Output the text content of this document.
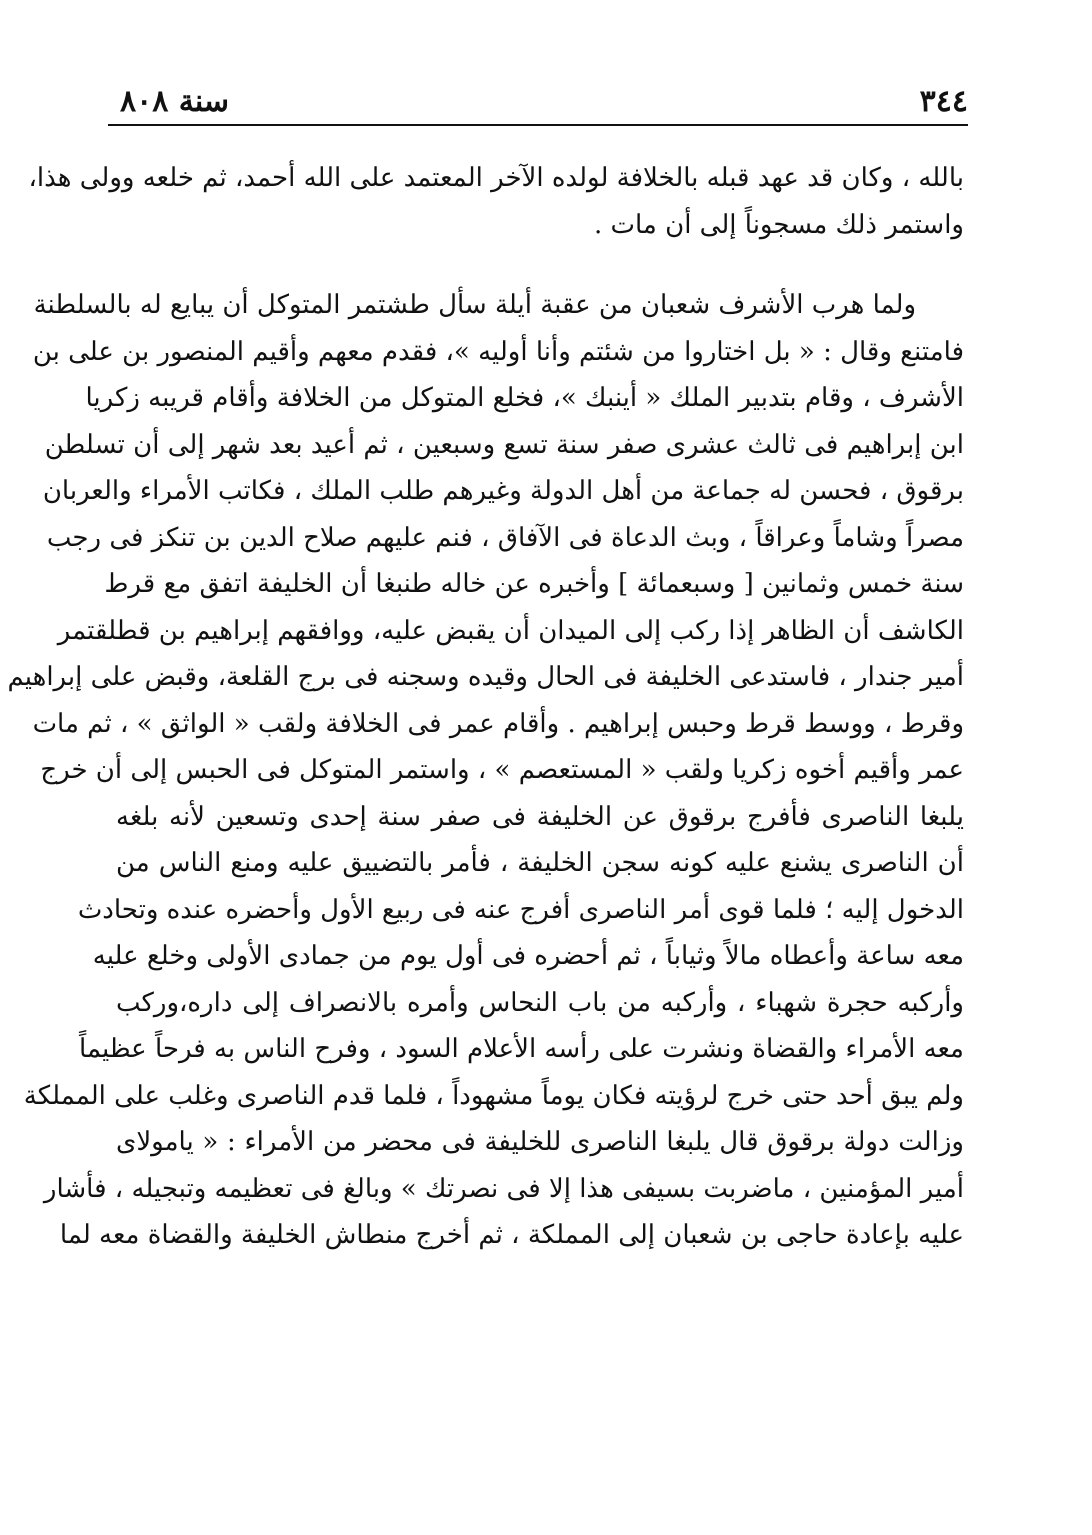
٣٤٤
سنة ٨٠٨
بالله ، وكان قد عهد قبله بالخلافة لولده الآخر المعتمد على الله أحمد، ثم خلعه وولى هذا،
واستمر ذلك مسجوناً إلى أن مات .
ولما هرب الأشرف شعبان من عقبة أيلة سأل طشتمر المتوكل أن يبايع له بالسلطنة
فامتنع وقال : « بل اختاروا من شئتم وأنا أوليه »، فقدم معهم وأقيم المنصور بن على بن
الأشرف ، وقام بتدبير الملك « أينبك »، فخلع المتوكل من الخلافة وأقام قريبه زكريا
ابن إبراهيم فى ثالث عشرى صفر سنة تسع وسبعين ، ثم أعيد بعد شهر إلى أن تسلطن
برقوق ، فحسن له جماعة من أهل الدولة وغيرهم طلب الملك ، فكاتب الأمراء والعربان
مصراً وشاماً وعراقاً ، وبث الدعاة فى الآفاق ، فنم عليهم صلاح الدين بن تنكز فى رجب
سنة خمس وثمانين [ وسبعمائة ] وأخبره عن خاله طنبغا أن الخليفة اتفق مع قرط
الكاشف أن الظاهر إذا ركب إلى الميدان أن يقبض عليه، ووافقهم إبراهيم بن قطلقتمر
أمير جندار ، فاستدعى الخليفة فى الحال وقيده وسجنه فى برج القلعة، وقبض على إبراهيم
وقرط ، ووسط قرط وحبس إبراهيم . وأقام عمر فى الخلافة ولقب « الواثق » ، ثم مات
عمر وأقيم أخوه زكريا ولقب « المستعصم » ، واستمر المتوكل فى الحبس إلى أن خرج
يلبغا الناصرى فأفرج برقوق عن الخليفة فى صفر سنة إحدى وتسعين لأنه بلغه
أن الناصرى يشنع عليه كونه سجن الخليفة ، فأمر بالتضييق عليه ومنع الناس من
الدخول إليه ؛ فلما قوى أمر الناصرى أفرج عنه فى ربيع الأول وأحضره عنده وتحادث
معه ساعة وأعطاه مالاً وثياباً ، ثم أحضره فى أول يوم من جمادى الأولى وخلع عليه
وأركبه حجرة شهباء ، وأركبه من باب النحاس وأمره بالانصراف إلى داره،وركب
معه الأمراء والقضاة ونشرت على رأسه الأعلام السود ، وفرح الناس به فرحاً عظيماً
ولم يبق أحد حتى خرج لرؤيته فكان يوماً مشهوداً ، فلما قدم الناصرى وغلب على المملكة
وزالت دولة برقوق قال يلبغا الناصرى للخليفة فى محضر من الأمراء : « يامولاى
أمير المؤمنين ، ماضربت بسيفى هذا إلا فى نصرتك » وبالغ فى تعظيمه وتبجيله ، فأشار
عليه بإعادة حاجى بن شعبان إلى المملكة ، ثم أخرج منطاش الخليفة والقضاة معه لما
